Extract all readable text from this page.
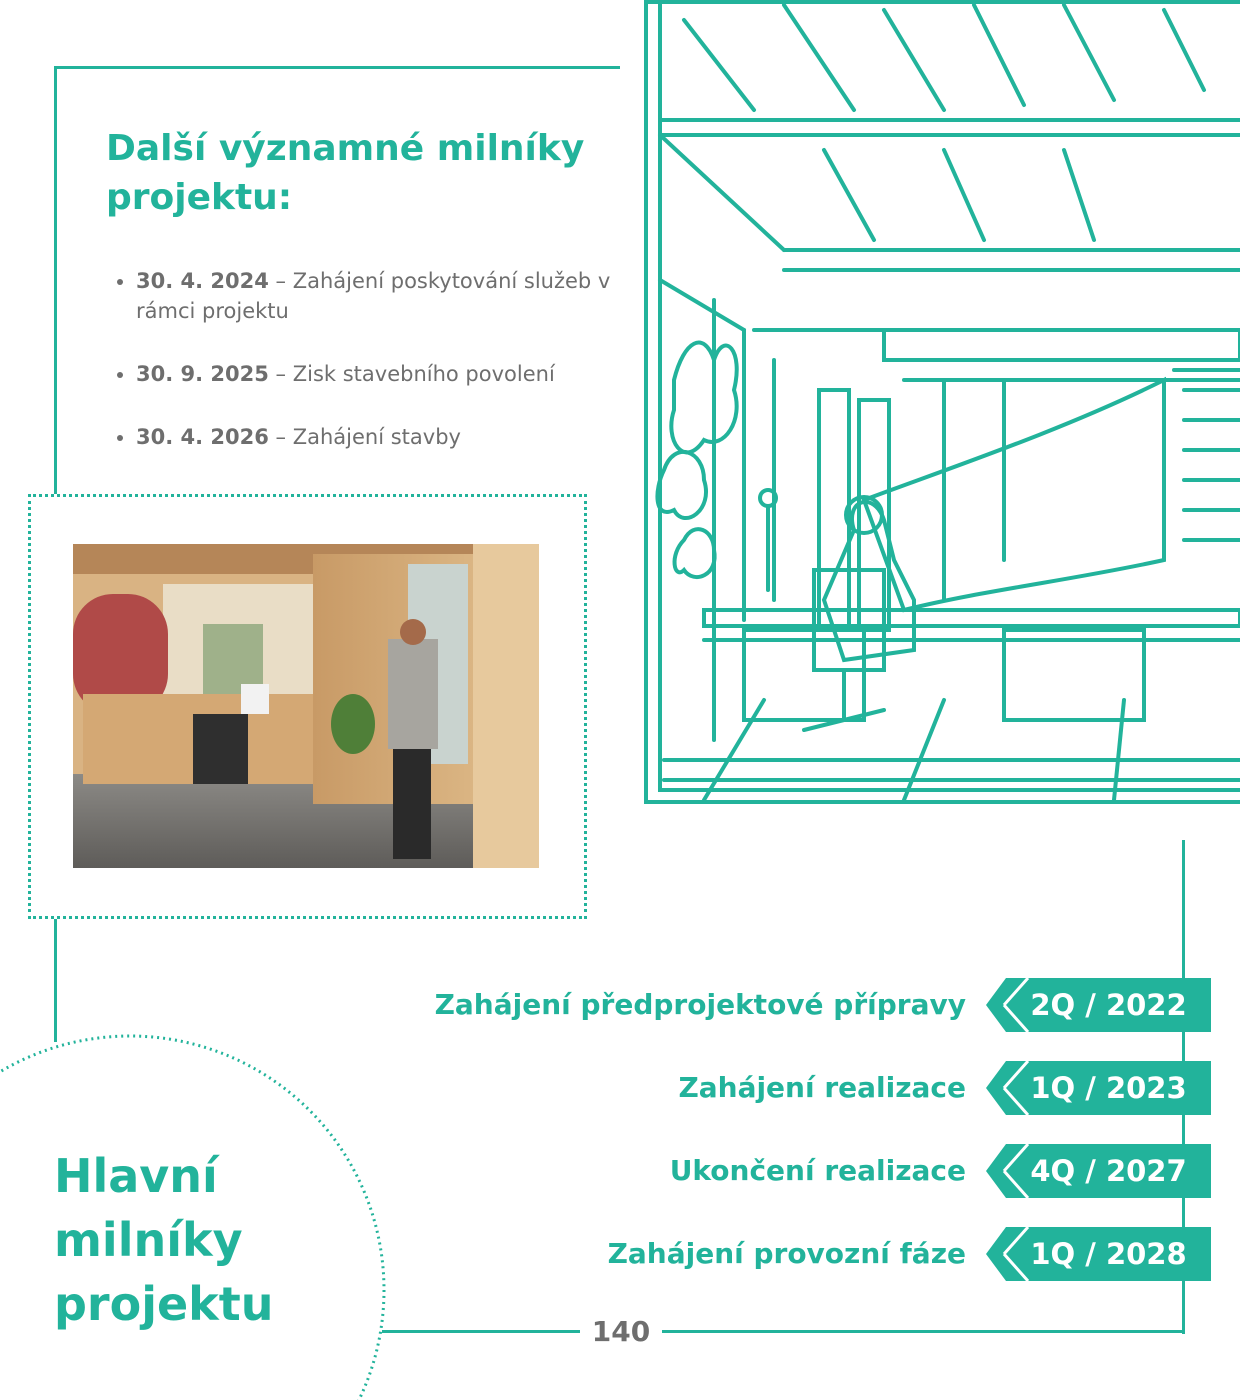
Další významné milníky projektu:
• 30. 4. 2024 – Zahájení poskytování služeb v rámci projektu
• 30. 9. 2025 – Zisk stavebního povolení
• 30. 4. 2026 – Zahájení stavby
Zahájení předprojektové přípravy	2Q / 2022
Zahájení realizace	1Q / 2023
Ukončení realizace	4Q / 2027
Zahájení provozní fáze	1Q / 2028
Hlavní milníky projektu
140
